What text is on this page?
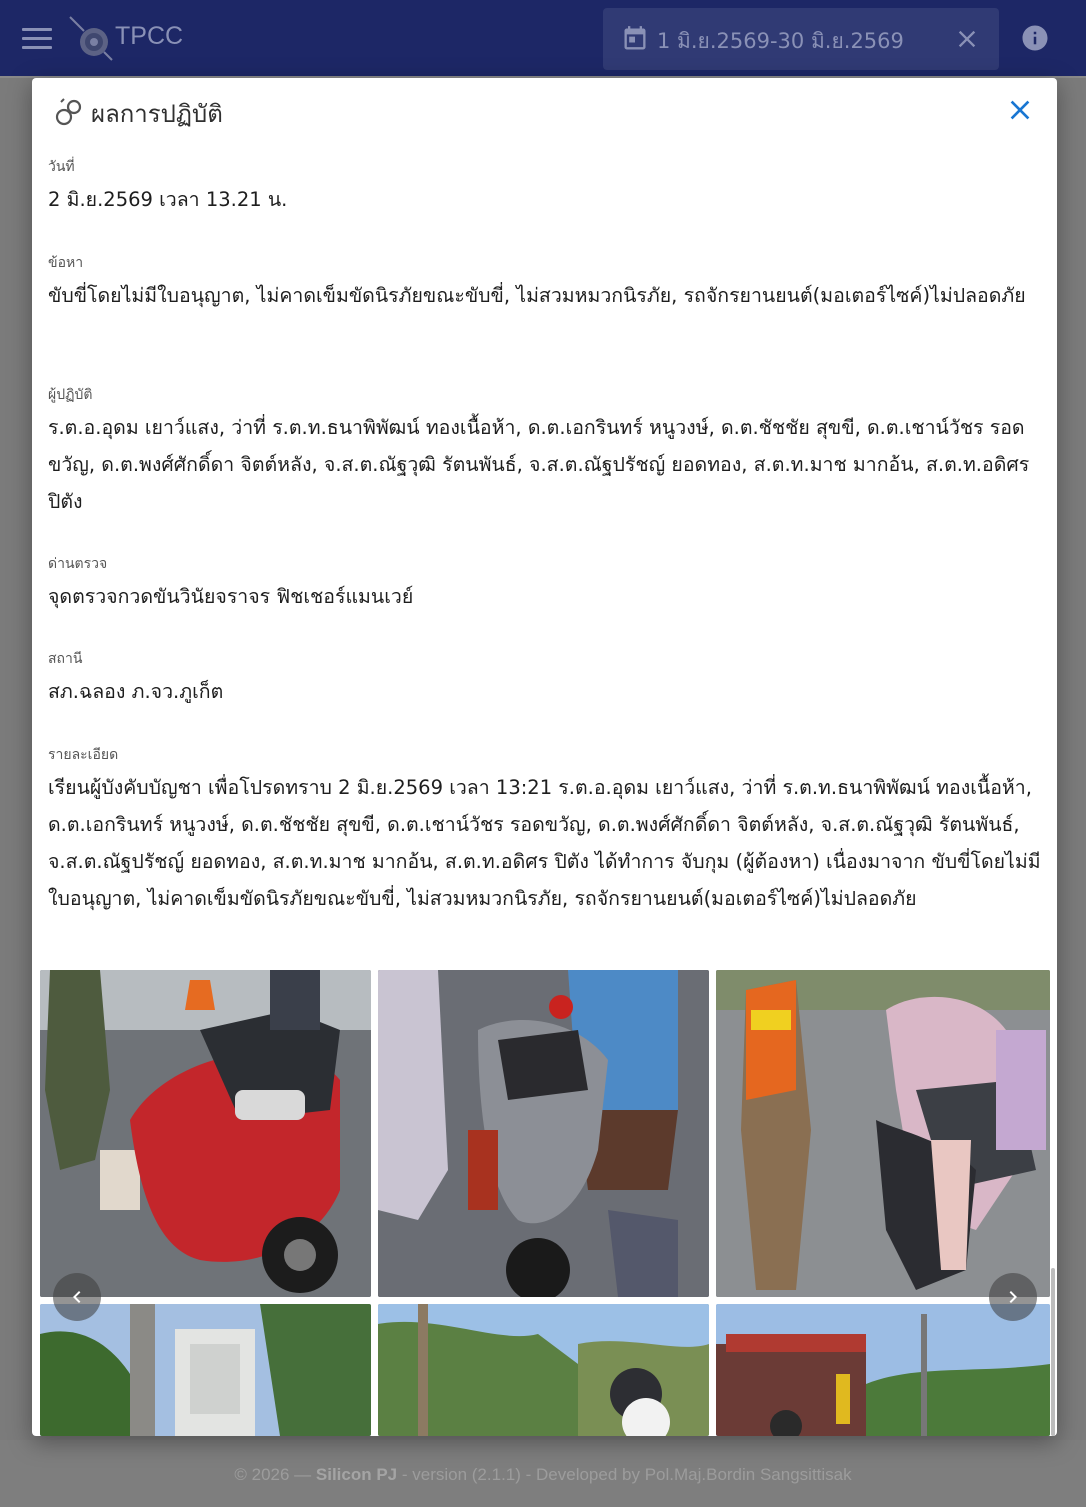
TPCC	1 มิ.ย.2569-30 มิ.ย.2569
© 2026 — Silicon PJ - version (2.1.1) - Developed by Pol.Maj.Bordin Sangsittisak
ผลการปฏิบัติ
วันที่
2 มิ.ย.2569 เวลา 13.21 น.
ข้อหา
ขับขี่โดยไม่มีใบอนุญาต, ไม่คาดเข็มขัดนิรภัยขณะขับขี่, ไม่สวมหมวกนิรภัย, รถจักรยานยนต์(มอเตอร์ไซค์)ไม่ปลอดภัย
ผู้ปฏิบัติ
ร.ต.อ.อุดม เยาว์แสง, ว่าที่ ร.ต.ท.ธนาพิพัฒน์ ทองเนื้อห้า, ด.ต.เอกรินทร์ หนูวงษ์, ด.ต.ชัชชัย สุขขี, ด.ต.เชาน์วัชร รอดขวัญ, ด.ต.พงศ์ศักดิ์ดา จิตต์หลัง, จ.ส.ต.ณัฐวุฒิ รัตนพันธ์, จ.ส.ต.ณัฐปรัชญ์ ยอดทอง, ส.ต.ท.มาช มากอ้น, ส.ต.ท.อดิศร ปิตัง
ด่านตรวจ
จุดตรวจกวดขันวินัยจราจร ฟิชเชอร์แมนเวย์
สถานี
สภ.ฉลอง ภ.จว.ภูเก็ต
รายละเอียด
เรียนผู้บังคับบัญชา เพื่อโปรดทราบ 2 มิ.ย.2569 เวลา 13:21 ร.ต.อ.อุดม เยาว์แสง, ว่าที่ ร.ต.ท.ธนาพิพัฒน์ ทองเนื้อห้า, ด.ต.เอกรินทร์ หนูวงษ์, ด.ต.ชัชชัย สุขขี, ด.ต.เชาน์วัชร รอดขวัญ, ด.ต.พงศ์ศักดิ์ดา จิตต์หลัง, จ.ส.ต.ณัฐวุฒิ รัตนพันธ์, จ.ส.ต.ณัฐปรัชญ์ ยอดทอง, ส.ต.ท.มาช มากอ้น, ส.ต.ท.อดิศร ปิตัง ได้ทำการ จับกุม (ผู้ต้องหา) เนื่องมาจาก ขับขี่โดยไม่มีใบอนุญาต, ไม่คาดเข็มขัดนิรภัยขณะขับขี่, ไม่สวมหมวกนิรภัย, รถจักรยานยนต์(มอเตอร์ไซค์)ไม่ปลอดภัย
